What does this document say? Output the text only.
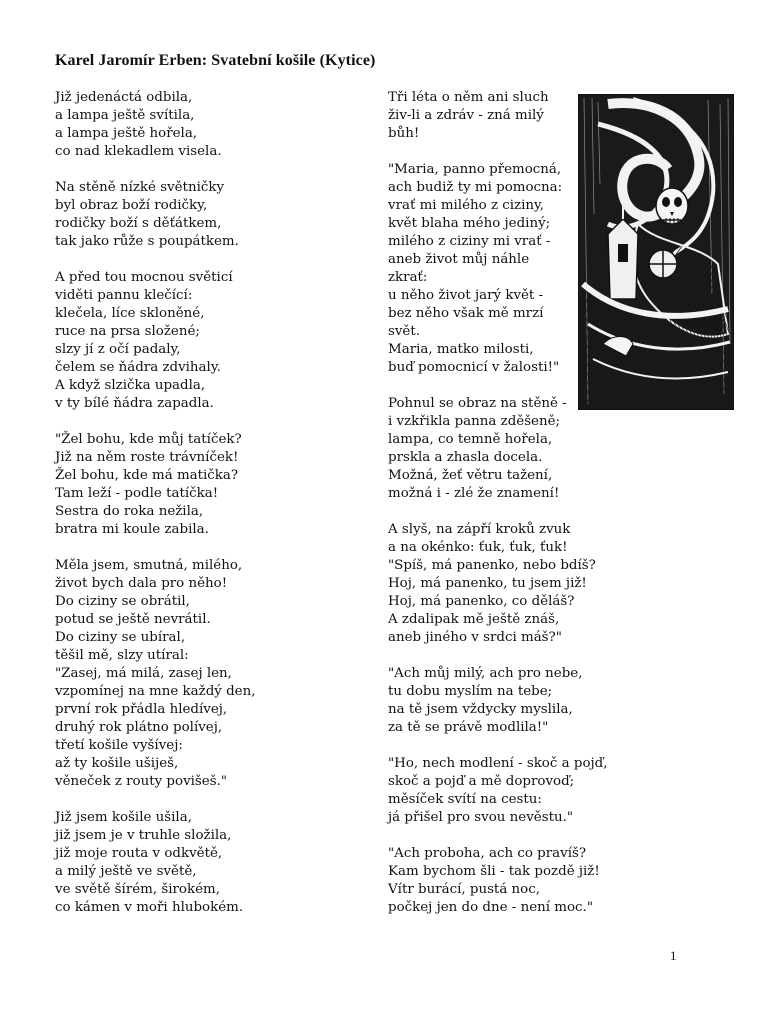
Karel Jaromír Erben: Svatební košile (Kytice)
Již jedenáctá odbila,
a lampa ještě svítila,
a lampa ještě hořela,
co nad klekadlem visela.
Na stěně nízké světničky
byl obraz boží rodičky,
rodičky boží s děťátkem,
tak jako růže s poupátkem.
A před tou mocnou světicí
viděti pannu klečící:
klečela, líce skloněné,
ruce na prsa složené;
slzy jí z očí padaly,
čelem se ňádra zdvihaly.
A když slzička upadla,
v ty bílé ňádra zapadla.
"Žel bohu, kde můj tatíček?
Již na něm roste trávníček!
Žel bohu, kde má matička?
Tam leží - podle tatíčka!
Sestra do roka nežila,
bratra mi koule zabila.
Měla jsem, smutná, milého,
život bych dala pro něho!
Do ciziny se obrátil,
potud se ještě nevrátil.
Do ciziny se ubíral,
těšil mě, slzy utíral:
"Zasej, má milá, zasej len,
vzpomínej na mne každý den,
první rok přádla hledívej,
druhý rok plátno polívej,
třetí košile vyšívej:
až ty košile ušiješ,
věneček z routy povišeš."
Již jsem košile ušila,
již jsem je v truhle složila,
již moje routa v odkvětě,
a milý ještě ve světě,
ve světě šírém, širokém,
co kámen v moři hlubokém.
Tři léta o něm ani sluch
živ-li a zdráv - zná milý
bůh!
"Maria, panno přemocná,
ach budiž ty mi pomocna:
vrať mi milého z ciziny,
květ blaha mého jediný;
milého z ciziny mi vrať -
aneb život můj náhle
zkrať:
u něho život jarý květ -
bez něho však mě mrzí
svět.
Maria, matko milosti,
buď pomocnicí v žalosti!"
Pohnul se obraz na stěně -
i vzkřikla panna zděšeně;
lampa, co temně hořela,
prskla a zhasla docela.
Možná, žeť větru tažení,
možná i - zlé že znamení!
A slyš, na zápří kroků zvuk
a na okénko: ťuk, ťuk, ťuk!
"Spíš, má panenko, nebo bdíš?
Hoj, má panenko, tu jsem již!
Hoj, má panenko, co děláš?
A zdalipak mě ještě znáš,
aneb jiného v srdci máš?"
"Ach můj milý, ach pro nebe,
tu dobu myslím na tebe;
na tě jsem vždycky myslila,
za tě se právě modlila!"
"Ho, nech modlení - skoč a pojď,
skoč a pojď a mě doprovoď;
měsíček svítí na cestu:
já přišel pro svou nevěstu."
"Ach proboha, ach co pravíš?
Kam bychom šli - tak pozdě již!
Vítr burácí, pustá noc,
počkej jen do dne - není moc."
1
